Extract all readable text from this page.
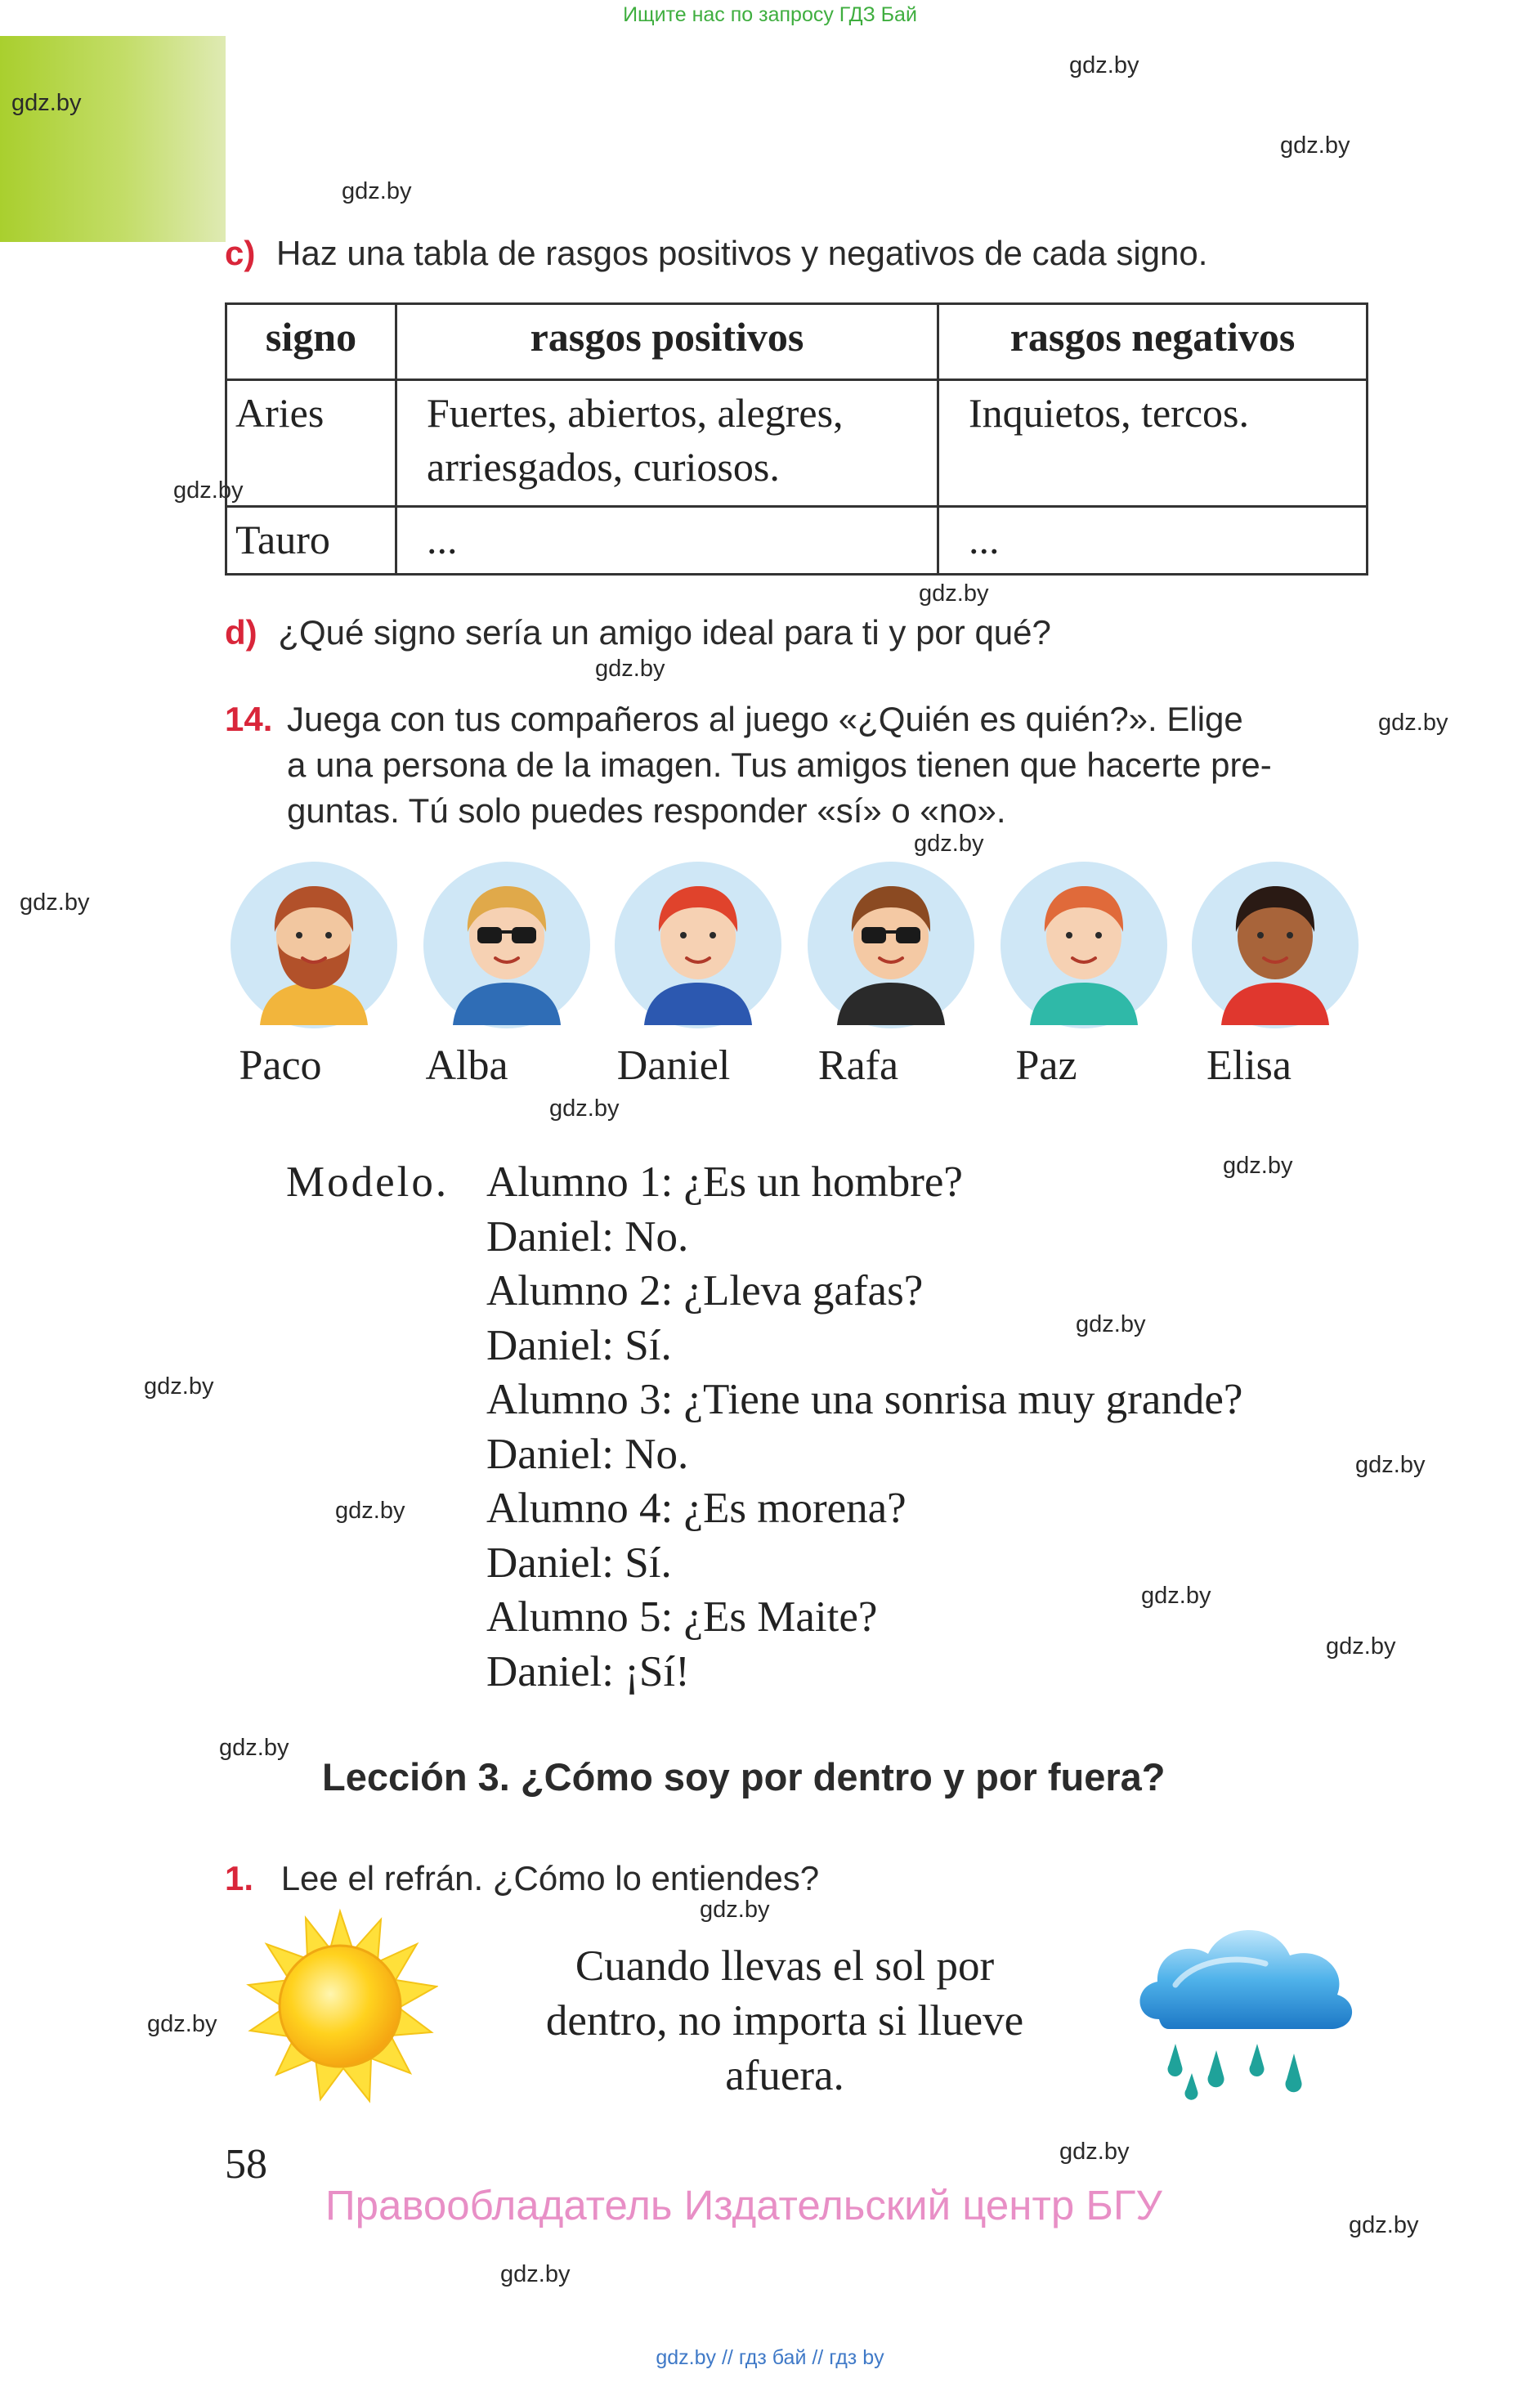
Ищите нас по запросу ГДЗ Бай
gdz.by
gdz.by
gdz.by
gdz.by
gdz.by
gdz.by
gdz.by
gdz.by
gdz.by
gdz.by
gdz.by
gdz.by
gdz.by
gdz.by
gdz.by
gdz.by
gdz.by
gdz.by
gdz.by
gdz.by
gdz.by
gdz.by
gdz.by
gdz.by
c) Haz una tabla de rasgos positivos y negativos de cada signo.
signo	rasgos positivos	rasgos negativos
Aries	Fuertes, abiertos, alegres, arriesgados, curiosos.	Inquietos, tercos.
Tauro	...	...
d) ¿Qué signo sería un amigo ideal para ti y por qué?
14. Juega con tus compañeros al juego «¿Quién es quién?». Elige
a una persona de la imagen. Tus amigos tienen que hacerte pre-
guntas. Tú solo puedes responder «sí» o «no».
Paco	Alba	Daniel	Rafa	Paz	Elisa
Modelo. Alumno 1: ¿Es un hombre?
Daniel: No.
Alumno 2: ¿Lleva gafas?
Daniel: Sí.
Alumno 3: ¿Tiene una sonrisa muy grande?
Daniel: No.
Alumno 4: ¿Es morena?
Daniel: Sí.
Alumno 5: ¿Es Maite?
Daniel: ¡Sí!
Lección 3. ¿Cómo soy por dentro y por fuera?
1. Lee el refrán. ¿Cómo lo entiendes?
Cuando llevas el sol por
dentro, no importa si llueve
afuera.
58
Правообладатель Издательский центр БГУ
gdz.by // гдз бай // гдз by
